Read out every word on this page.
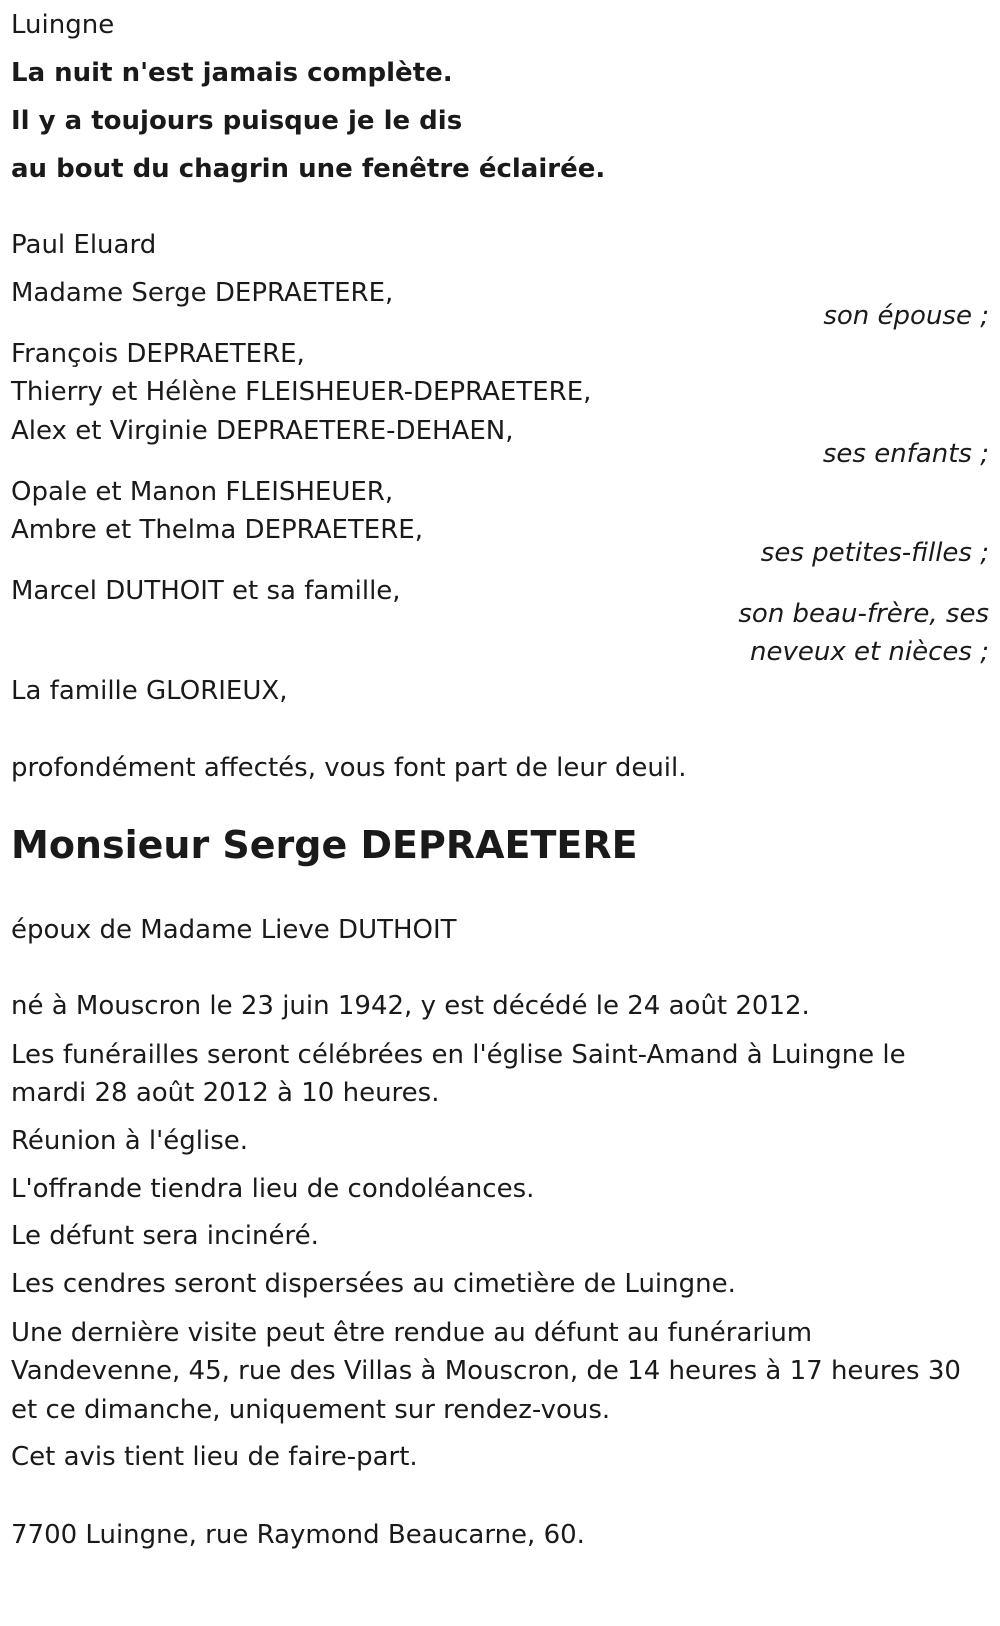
Luingne
La nuit n'est jamais complète.
Il y a toujours puisque je le dis
au bout du chagrin une fenêtre éclairée.
Paul Eluard
Madame Serge DEPRAETERE,
son épouse ;
François DEPRAETERE,
Thierry et Hélène FLEISHEUER-DEPRAETERE,
Alex et Virginie DEPRAETERE-DEHAEN,
ses enfants ;
Opale et Manon FLEISHEUER,
Ambre et Thelma DEPRAETERE,
ses petites-filles ;
Marcel DUTHOIT et sa famille,
son beau-frère, ses
neveux et nièces ;
La famille GLORIEUX,
profondément affectés, vous font part de leur deuil.
Monsieur Serge DEPRAETERE
époux de Madame Lieve DUTHOIT
né à Mouscron le 23 juin 1942, y est décédé le 24 août 2012.
Les funérailles seront célébrées en l'église Saint-Amand à Luingne le
mardi 28 août 2012 à 10 heures.
Réunion à l'église.
L'offrande tiendra lieu de condoléances.
Le défunt sera incinéré.
Les cendres seront dispersées au cimetière de Luingne.
Une dernière visite peut être rendue au défunt au funérarium
Vandevenne, 45, rue des Villas à Mouscron, de 14 heures à 17 heures 30
et ce dimanche, uniquement sur rendez-vous.
Cet avis tient lieu de faire-part.
7700 Luingne, rue Raymond Beaucarne, 60.
